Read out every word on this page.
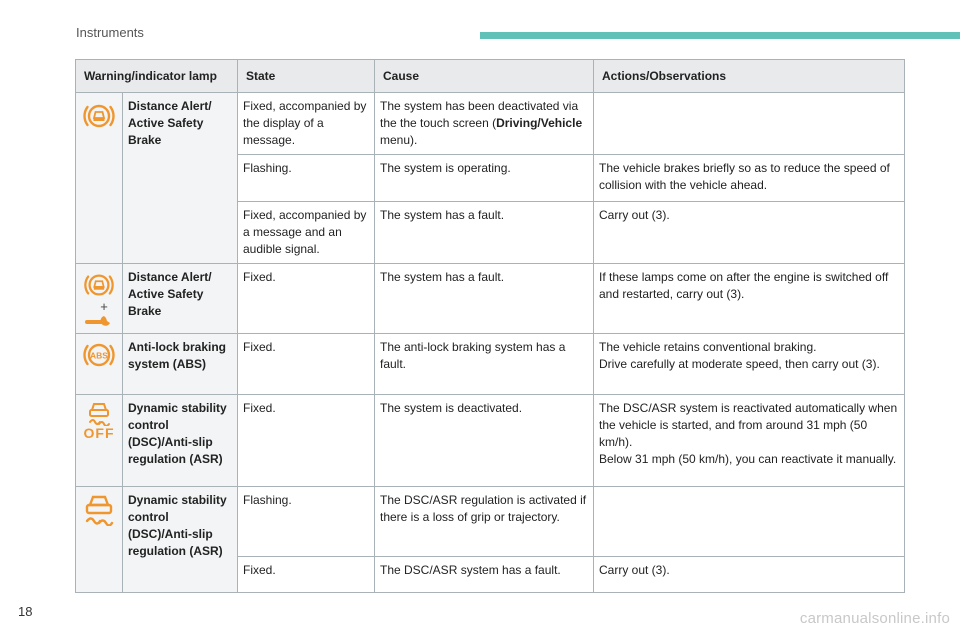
Instruments
Warning/indicator lamp		State	Cause	Actions/Observations
	Distance Alert/ Active Safety Brake	Fixed, accompanied by the display of a message.	The system has been deactivated via the the touch screen (Driving/Vehicle menu).	
		Flashing.	The system is operating.	The vehicle brakes briefly so as to reduce the speed of collision with the vehicle ahead.
		Fixed, accompanied by a message and an audible signal.	The system has a fault.	Carry out (3).

+	Distance Alert/ Active Safety Brake	Fixed.	The system has a fault.	If these lamps come on after the engine is switched off and restarted, carry out (3).

ABS	Anti-lock braking system (ABS)	Fixed.	The anti-lock braking system has a fault.	The vehicle retains conventional braking.
Drive carefully at moderate speed, then carry out (3).

OFF	Dynamic stability control (DSC)/Anti-slip regulation (ASR)	Fixed.	The system is deactivated.	The DSC/ASR system is reactivated automatically when the vehicle is started, and from around 31 mph (50 km/h).
Below 31 mph (50 km/h), you can reactivate it manually.

	Dynamic stability control (DSC)/Anti-slip regulation (ASR)	Flashing.	The DSC/ASR regulation is activated if there is a loss of grip or trajectory.	
		Fixed.	The DSC/ASR system has a fault.	Carry out (3).
18	carmanualsonline.info
